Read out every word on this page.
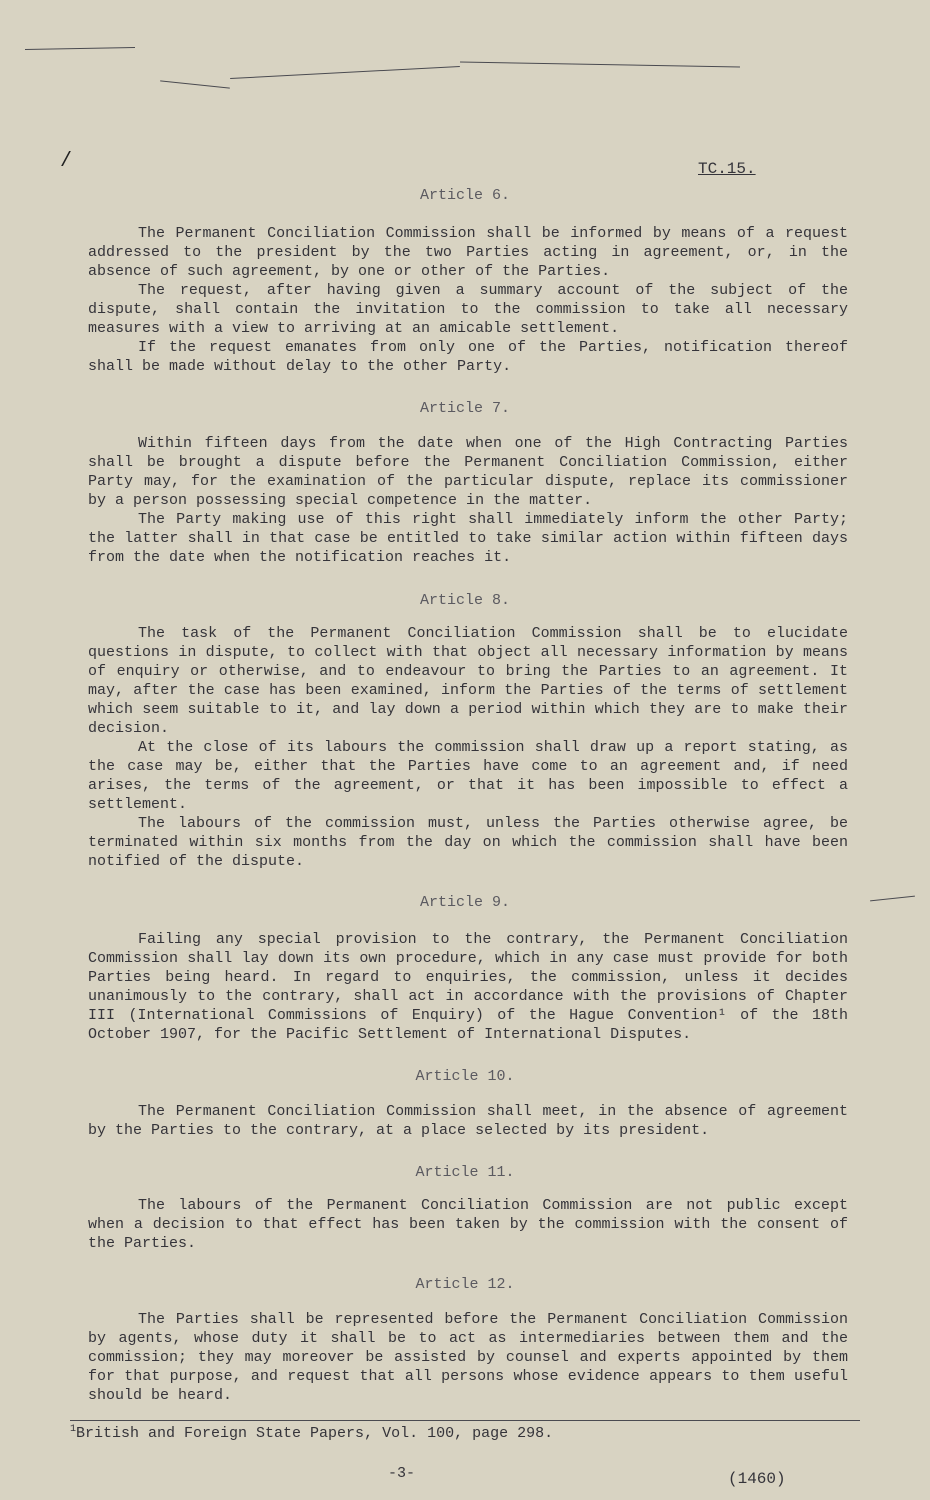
/	TC.15.
Article 6.

The Permanent Conciliation Commission shall be informed by means of a request addressed to the president by the two Parties acting in agreement, or, in the absence of such agreement, by one or other of the Parties.

The request, after having given a summary account of the subject of the dispute, shall contain the invitation to the commission to take all necessary measures with a view to arriving at an amicable settlement.

If the request emanates from only one of the Parties, notification thereof shall be made without delay to the other Party.

Article 7.

Within fifteen days from the date when one of the High Contracting Parties shall be brought a dispute before the Permanent Conciliation Commission, either Party may, for the examination of the particular dispute, replace its commissioner by a person possessing special competence in the matter.

The Party making use of this right shall immediately inform the other Party; the latter shall in that case be entitled to take similar action within fifteen days from the date when the notification reaches it.

Article 8.

The task of the Permanent Conciliation Commission shall be to elucidate questions in dispute, to collect with that object all necessary information by means of enquiry or otherwise, and to endeavour to bring the Parties to an agreement. It may, after the case has been examined, inform the Parties of the terms of settlement which seem suitable to it, and lay down a period within which they are to make their decision.

At the close of its labours the commission shall draw up a report stating, as the case may be, either that the Parties have come to an agreement and, if need arises, the terms of the agreement, or that it has been impossible to effect a settlement.

The labours of the commission must, unless the Parties otherwise agree, be terminated within six months from the day on which the commission shall have been notified of the dispute.

Article 9.

Failing any special provision to the contrary, the Permanent Conciliation Commission shall lay down its own procedure, which in any case must provide for both Parties being heard. In regard to enquiries, the commission, unless it decides unanimously to the contrary, shall act in accordance with the provisions of Chapter III (International Commissions of Enquiry) of the Hague Convention¹ of the 18th October 1907, for the Pacific Settlement of International Disputes.

Article 10.

The Permanent Conciliation Commission shall meet, in the absence of agreement by the Parties to the contrary, at a place selected by its president.

Article 11.

The labours of the Permanent Conciliation Commission are not public except when a decision to that effect has been taken by the commission with the consent of the Parties.

Article 12.

The Parties shall be represented before the Permanent Conciliation Commission by agents, whose duty it shall be to act as intermediaries between them and the commission; they may moreover be assisted by counsel and experts appointed by them for that purpose, and request that all persons whose evidence appears to them useful should be heard.

$^1$British and Foreign State Papers, Vol. 100, page 298.
-3-	(1460)
